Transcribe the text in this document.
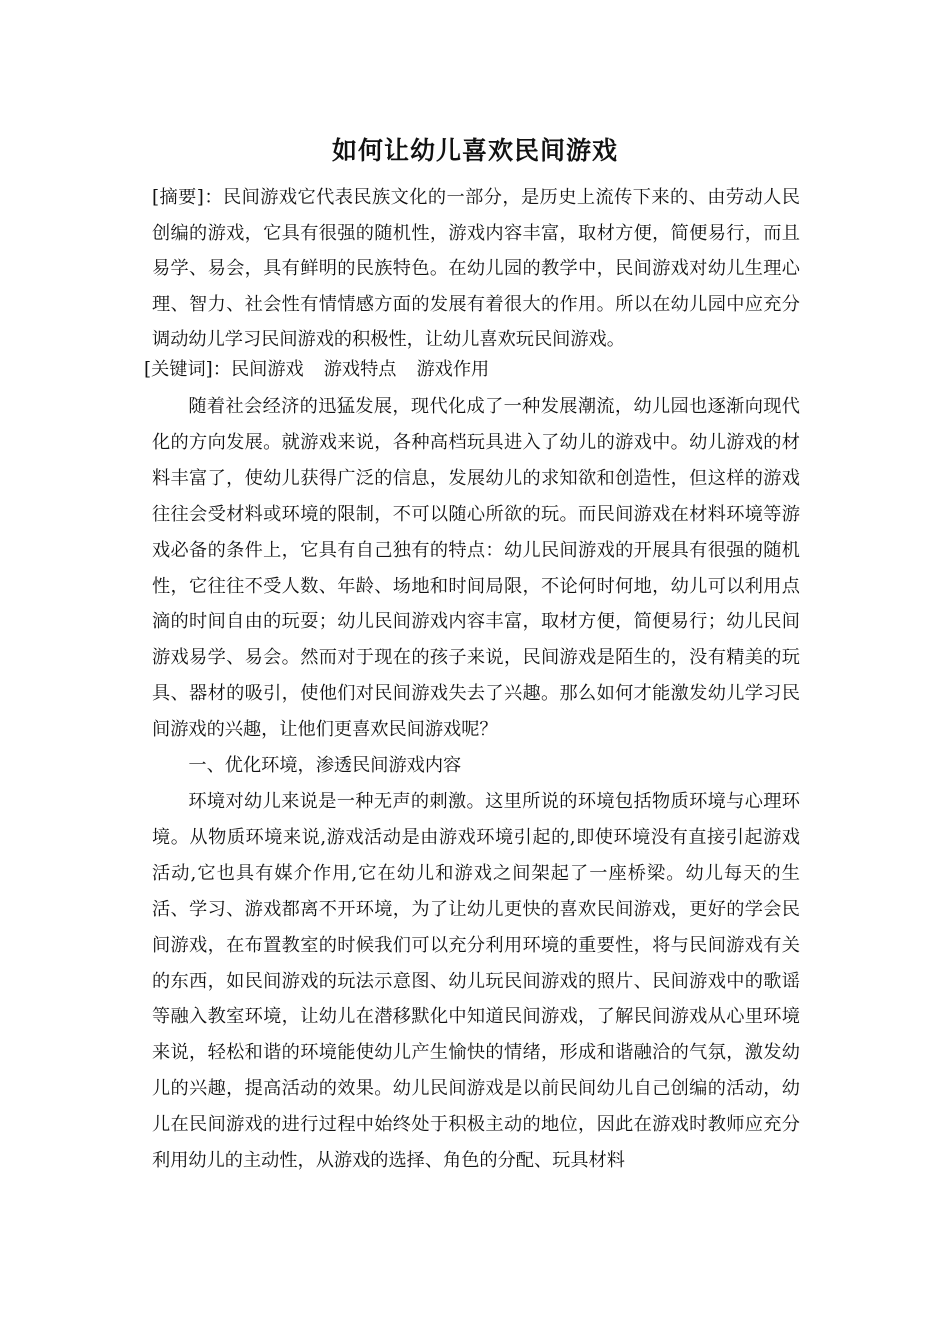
如何让幼儿喜欢民间游戏
[摘要]：民间游戏它代表民族文化的一部分，是历史上流传下来的、由劳动人民创编的游戏，它具有很强的随机性，游戏内容丰富，取材方便，简便易行，而且易学、易会，具有鲜明的民族特色。在幼儿园的教学中，民间游戏对幼儿生理心理、智力、社会性有情情感方面的发展有着很大的作用。所以在幼儿园中应充分调动幼儿学习民间游戏的积极性，让幼儿喜欢玩民间游戏。
[关键词]：民间游戏 游戏特点 游戏作用

随着社会经济的迅猛发展，现代化成了一种发展潮流，幼儿园也逐渐向现代化的方向发展。就游戏来说，各种高档玩具进入了幼儿的游戏中。幼儿游戏的材料丰富了，使幼儿获得广泛的信息，发展幼儿的求知欲和创造性，但这样的游戏往往会受材料或环境的限制，不可以随心所欲的玩。而民间游戏在材料环境等游戏必备的条件上，它具有自己独有的特点：幼儿民间游戏的开展具有很强的随机性，它往往不受人数、年龄、场地和时间局限，不论何时何地，幼儿可以利用点滴的时间自由的玩耍；幼儿民间游戏内容丰富，取材方便，简便易行；幼儿民间游戏易学、易会。然而对于现在的孩子来说，民间游戏是陌生的，没有精美的玩具、器材的吸引，使他们对民间游戏失去了兴趣。那么如何才能激发幼儿学习民间游戏的兴趣，让他们更喜欢民间游戏呢？

一、优化环境，渗透民间游戏内容

环境对幼儿来说是一种无声的刺激。这里所说的环境包括物质环境与心理环境。从物质环境来说,游戏活动是由游戏环境引起的,即使环境没有直接引起游戏活动,它也具有媒介作用,它在幼儿和游戏之间架起了一座桥梁。幼儿每天的生活、学习、游戏都离不开环境，为了让幼儿更快的喜欢民间游戏，更好的学会民间游戏，在布置教室的时候我们可以充分利用环境的重要性，将与民间游戏有关的东西，如民间游戏的玩法示意图、幼儿玩民间游戏的照片、民间游戏中的歌谣等融入教室环境，让幼儿在潜移默化中知道民间游戏，了解民间游戏从心里环境来说，轻松和谐的环境能使幼儿产生愉快的情绪，形成和谐融洽的气氛，激发幼儿的兴趣，提高活动的效果。幼儿民间游戏是以前民间幼儿自己创编的活动，幼儿在民间游戏的进行过程中始终处于积极主动的地位，因此在游戏时教师应充分利用幼儿的主动性，从游戏的选择、角色的分配、玩具材料
